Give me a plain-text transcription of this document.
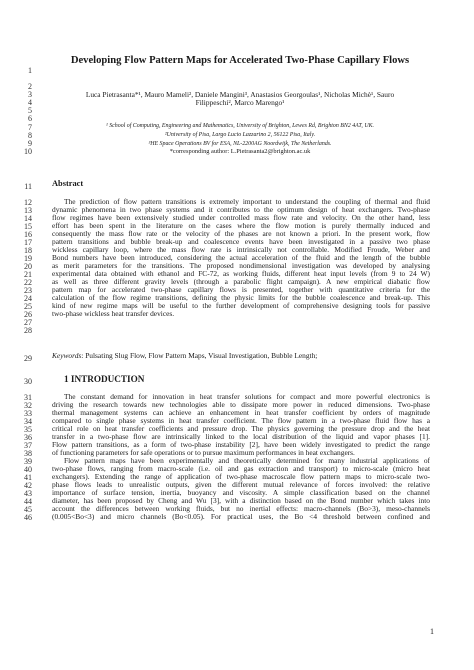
1
2
3
4
5
6
7
8
9
10
11
12
13
14
15
16
17
18
19
20
21
22
23
24
25
26
27
28
29
30
31
32
33
34
35
36
37
38
39
40
41
42
43
44
45
46
Developing Flow Pattern Maps for Accelerated Two-Phase Capillary Flows
Luca Pietrasanta*¹, Mauro Mameli², Daniele Mangini³, Anastasios Georgoulas¹, Nicholas Michè¹, Sauro
Filippeschi², Marco Marengo¹
¹ School of Computing, Engineering and Mathematics, University of Brighton, Lewes Rd, Brighton BN2 4AT, UK.
²University of Pisa, Largo Lucio Lazzarino 2, 56122 Pisa, Italy.
³HE Space Operations BV for ESA, NL-2200AG Noordwijk, The Netherlands.
*corresponding author: L.Pietrasanta2@brighton.ac.uk
Abstract
The prediction of flow pattern transitions is extremely important to understand the coupling of thermal and fluid
dynamic phenomena in two phase systems and it contributes to the optimum design of heat exchangers. Two-phase
flow regimes have been extensively studied under controlled mass flow rate and velocity. On the other hand, less
effort has been spent in the literature on the cases where the flow motion is purely thermally induced and
consequently the mass flow rate or the velocity of the phases are not known a priori. In the present work, flow
pattern transitions and bubble break-up and coalescence events have been investigated in a passive two phase
wickless capillary loop, where the mass flow rate is intrinsically not controllable. Modified Froude, Weber and
Bond numbers have been introduced, considering the actual acceleration of the fluid and the length of the bubble
as merit parameters for the transitions. The proposed nondimensional investigation was developed by analysing
experimental data obtained with ethanol and FC-72, as working fluids, different heat input levels (from 9 to 24 W)
as well as three different gravity levels (through a parabolic flight campaign). A new empirical diabatic flow
pattern map for accelerated two-phase capillary flows is presented, together with quantitative criteria for the
calculation of the flow regime transitions, defining the physic limits for the bubble coalescence and break-up. This
kind of new regime maps will be useful to the further development of comprehensive designing tools for passive
two-phase wickless heat transfer devices.
Keywords: Pulsating Slug Flow, Flow Pattern Maps, Visual Investigation, Bubble Length;
1 INTRODUCTION
The constant demand for innovation in heat transfer solutions for compact and more powerful electronics is
driving the research towards new technologies able to dissipate more power in reduced dimensions. Two-phase
thermal management systems can achieve an enhancement in heat transfer coefficient by orders of magnitude
compared to single phase systems in heat transfer coefficient. The flow pattern in a two-phase fluid flow has a
critical role on heat transfer coefficients and pressure drop. The physics governing the pressure drop and the heat
transfer in a two-phase flow are intrinsically linked to the local distribution of the liquid and vapor phases [1].
Flow pattern transitions, as a form of two-phase instability [2], have been widely investigated to predict the range
of functioning parameters for safe operations or to pursue maximum performances in heat exchangers.
Flow pattern maps have been experimentally and theoretically determined for many industrial applications of
two-phase flows, ranging from macro-scale (i.e. oil and gas extraction and transport) to micro-scale (micro heat
exchangers). Extending the range of application of two-phase macroscale flow pattern maps to micro-scale two-
phase flows leads to unrealistic outputs, given the different mutual relevance of forces involved: the relative
importance of surface tension, inertia, buoyancy and viscosity. A simple classification based on the channel
diameter, has been proposed by Cheng and Wu [3], with a distinction based on the Bond number which takes into
account the differences between working fluids, but no inertial effects: macro-channels (Bo>3), meso-channels
(0.005<Bo<3) and micro channels (Bo<0.05). For practical uses, the Bo <4 threshold between confined and
1
